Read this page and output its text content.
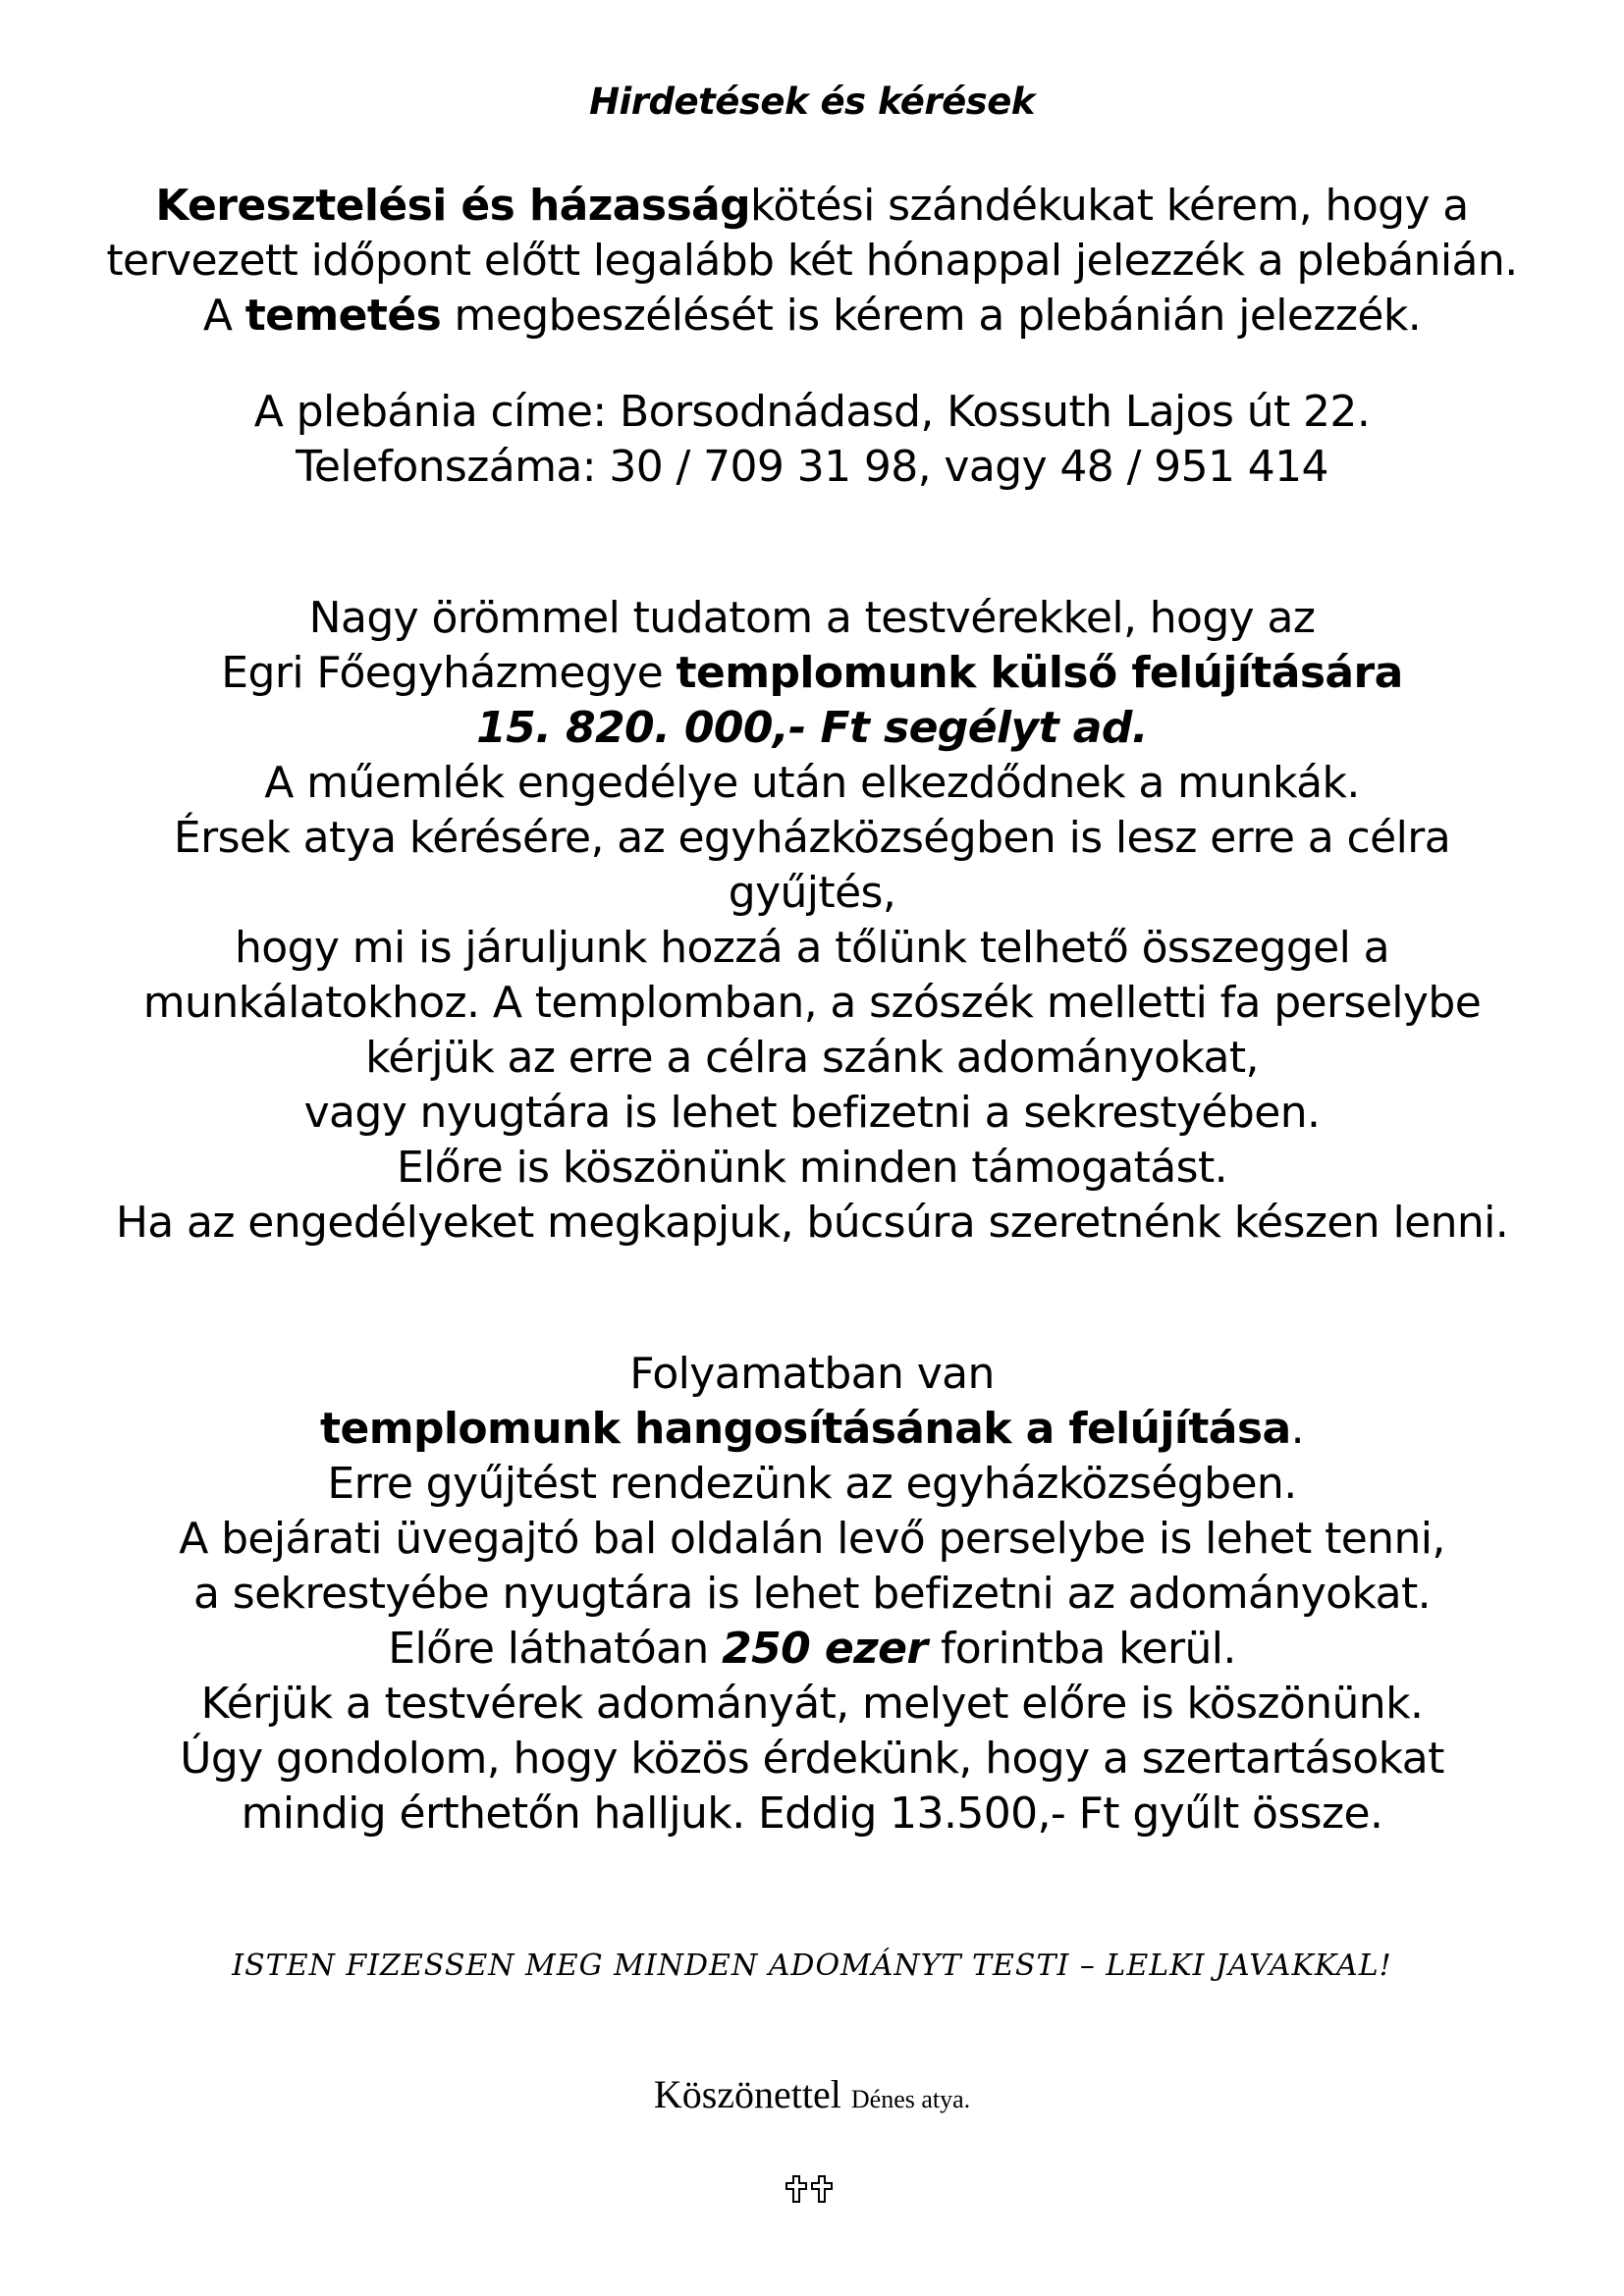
Hirdetések és kérések
Keresztelési és házasságkötési szándékukat kérem, hogy a
tervezett időpont előtt legalább két hónappal jelezzék a plebánián.
A temetés megbeszélését is kérem a plebánián jelezzék.
A plebánia címe: Borsodnádasd, Kossuth Lajos út 22.
Telefonszáma: 30 / 709 31 98, vagy 48 / 951 414
Nagy örömmel tudatom a testvérekkel, hogy az
Egri Főegyházmegye templomunk külső felújítására
15. 820. 000,- Ft segélyt ad.
A műemlék engedélye után elkezdődnek a munkák.
Érsek atya kérésére, az egyházközségben is lesz erre a célra
gyűjtés,
hogy mi is járuljunk hozzá a tőlünk telhető összeggel a
munkálatokhoz. A templomban, a szószék melletti fa perselybe
kérjük az erre a célra szánk adományokat,
vagy nyugtára is lehet befizetni a sekrestyében.
Előre is köszönünk minden támogatást.
Ha az engedélyeket megkapjuk, búcsúra szeretnénk készen lenni.
Folyamatban van
templomunk hangosításának a felújítása.
Erre gyűjtést rendezünk az egyházközségben.
A bejárati üvegajtó bal oldalán levő perselybe is lehet tenni,
a sekrestyébe nyugtára is lehet befizetni az adományokat.
Előre láthatóan 250 ezer forintba kerül.
Kérjük a testvérek adományát, melyet előre is köszönünk.
Úgy gondolom, hogy közös érdekünk, hogy a szertartásokat
mindig érthetőn halljuk. Eddig 13.500,- Ft gyűlt össze.
ISTEN FIZESSEN MEG MINDEN ADOMÁNYT TESTI – LELKI JAVAKKAL!
Köszönettel Dénes atya.
